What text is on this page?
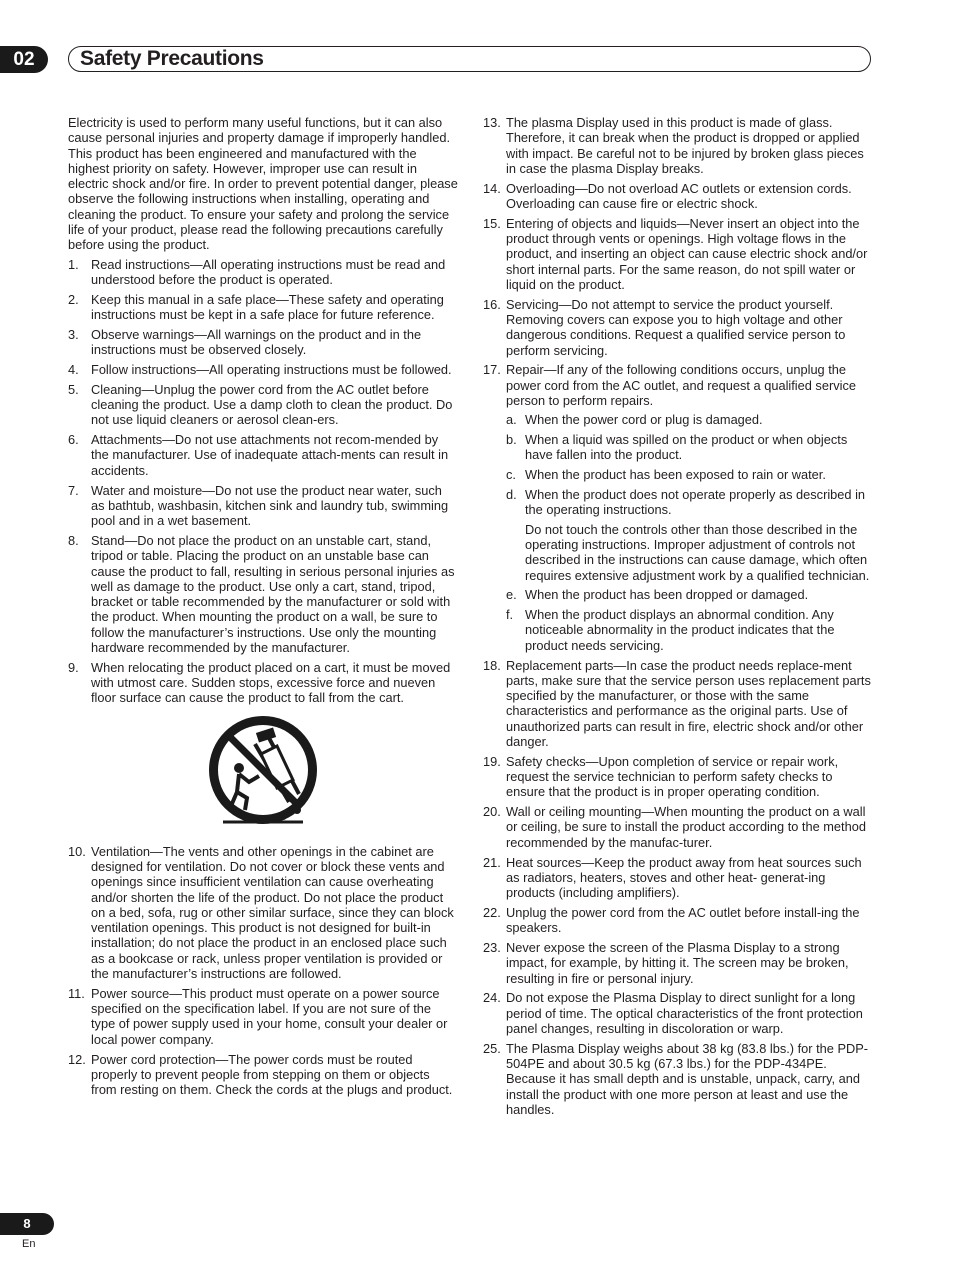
02	Safety Precautions

Electricity is used to perform many useful functions, but it can also cause personal injuries and property damage if improperly handled. This product has been engineered and manufactured with the highest priority on safety. However, improper use can result in electric shock and/or fire. In order to prevent potential danger, please observe the following instructions when installing, operating and cleaning the product. To ensure your safety and prolong the service life of your product, please read the following precautions carefully before using the product.

1. Read instructions—All operating instructions must be read and understood before the product is operated.
2. Keep this manual in a safe place—These safety and operating instructions must be kept in a safe place for future reference.
3. Observe warnings—All warnings on the product and in the instructions must be observed closely.
4. Follow instructions—All operating instructions must be followed.
5. Cleaning—Unplug the power cord from the AC outlet before cleaning the product. Use a damp cloth to clean the product. Do not use liquid cleaners or aerosol clean-ers.
6. Attachments—Do not use attachments not recom-mended by the manufacturer. Use of inadequate attach-ments can result in accidents.
7. Water and moisture—Do not use the product near water, such as bathtub, washbasin, kitchen sink and laundry tub, swimming pool and in a wet basement.
8. Stand—Do not place the product on an unstable cart, stand, tripod or table. Placing the product on an unstable base can cause the product to fall, resulting in serious personal injuries as well as damage to the product. Use only a cart, stand, tripod, bracket or table recommended by the manufacturer or sold with the product. When mounting the product on a wall, be sure to follow the manufacturer’s instructions. Use only the mounting hardware recommended by the manufacturer.
9. When relocating the product placed on a cart, it must be moved with utmost care. Sudden stops, excessive force and nueven floor surface can cause the product to fall from the cart.
10. Ventilation—The vents and other openings in the cabinet are designed for ventilation. Do not cover or block these vents and openings since insufficient ventilation can cause overheating and/or shorten the life of the product. Do not place the product on a bed, sofa, rug or other similar surface, since they can block ventilation openings. This product is not designed for built-in installation; do not place the product in an enclosed place such as a bookcase or rack, unless proper ventilation is provided or the manufacturer’s instructions are followed.
11. Power source—This product must operate on a power source specified on the specification label. If you are not sure of the type of power supply used in your home, consult your dealer or local power company.
12. Power cord protection—The power cords must be routed properly to prevent people from stepping on them or objects from resting on them. Check the cords at the plugs and product.
13. The plasma Display used in this product is made of glass. Therefore, it can break when the product is dropped or applied with impact. Be careful not to be injured by broken glass pieces in case the plasma Display breaks.
14. Overloading—Do not overload AC outlets or extension cords. Overloading can cause fire or electric shock.
15. Entering of objects and liquids—Never insert an object into the product through vents or openings. High voltage flows in the product, and inserting an object can cause electric shock and/or short internal parts. For the same reason, do not spill water or liquid on the product.
16. Servicing—Do not attempt to service the product yourself. Removing covers can expose you to high voltage and other dangerous conditions. Request a qualified service person to perform servicing.
17. Repair—If any of the following conditions occurs, unplug the power cord from the AC outlet, and request a qualified service person to perform repairs.
a. When the power cord or plug is damaged.
b. When a liquid was spilled on the product or when objects have fallen into the product.
c. When the product has been exposed to rain or water.
d. When the product does not operate properly as described in the operating instructions.
Do not touch the controls other than those described in the operating instructions. Improper adjustment of controls not described in the instructions can cause damage, which often requires extensive adjustment work by a qualified technician.
e. When the product has been dropped or damaged.
f. When the product displays an abnormal condition. Any noticeable abnormality in the product indicates that the product needs servicing.
18. Replacement parts—In case the product needs replace-ment parts, make sure that the service person uses replacement parts specified by the manufacturer, or those with the same characteristics and performance as the original parts. Use of unauthorized parts can result in fire, electric shock and/or other danger.
19. Safety checks—Upon completion of service or repair work, request the service technician to perform safety checks to ensure that the product is in proper operating condition.
20. Wall or ceiling mounting—When mounting the product on a wall or ceiling, be sure to install the product according to the method recommended by the manufac-turer.
21. Heat sources—Keep the product away from heat sources such as radiators, heaters, stoves and other heat- generat-ing products (including amplifiers).
22. Unplug the power cord from the AC outlet before install-ing the speakers.
23. Never expose the screen of the Plasma Display to a strong impact, for example, by hitting it. The screen may be broken, resulting in fire or personal injury.
24. Do not expose the Plasma Display to direct sunlight for a long period of time. The optical characteristics of the front protection panel changes, resulting in discoloration or warp.
25. The Plasma Display weighs about 38 kg (83.8 lbs.) for the PDP-504PE and about 30.5 kg (67.3 lbs.) for the PDP-434PE. Because it has small depth and is unstable, unpack, carry, and install the product with one more person at least and use the handles.
8
En
